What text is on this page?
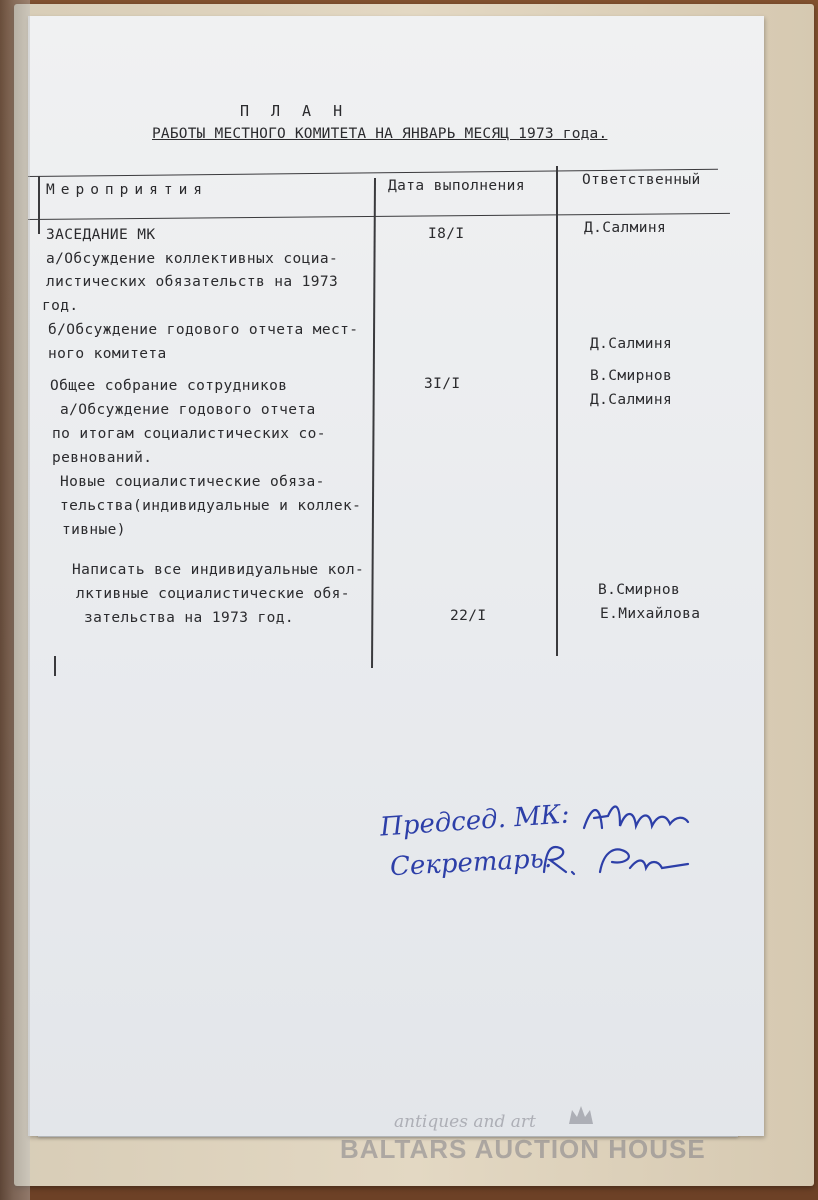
ПЛАН
РАБОТЫ МЕСТНОГО КОМИТЕТА НА ЯНВАРЬ МЕСЯЦ 1973 года.
Мероприятия	Дата выполнения	Ответственный
ЗАСЕДАНИЕ МК
а/Обсуждение коллективных социа-
листических обязательств на 1973
год.
б/Обсуждение годового отчета мест-
ного комитета
Общее собрание сотрудников
а/Обсуждение годового отчета
по итогам социалистических со-
ревнований.
Новые социалистические обяза-
тельства(индивидуальные и коллек-
тивные)
Написать все индивидуальные кол-
лктивные социалистические обя-
зательства на 1973 год.
I8/I
3I/I
22/I
Д.Салминя
Д.Салминя
В.Смирнов
Д.Салминя
В.Смирнов
Е.Михайлова
Председ. МК:
Секретарь.
antiques and art
BALTARS AUCTION HOUSE
